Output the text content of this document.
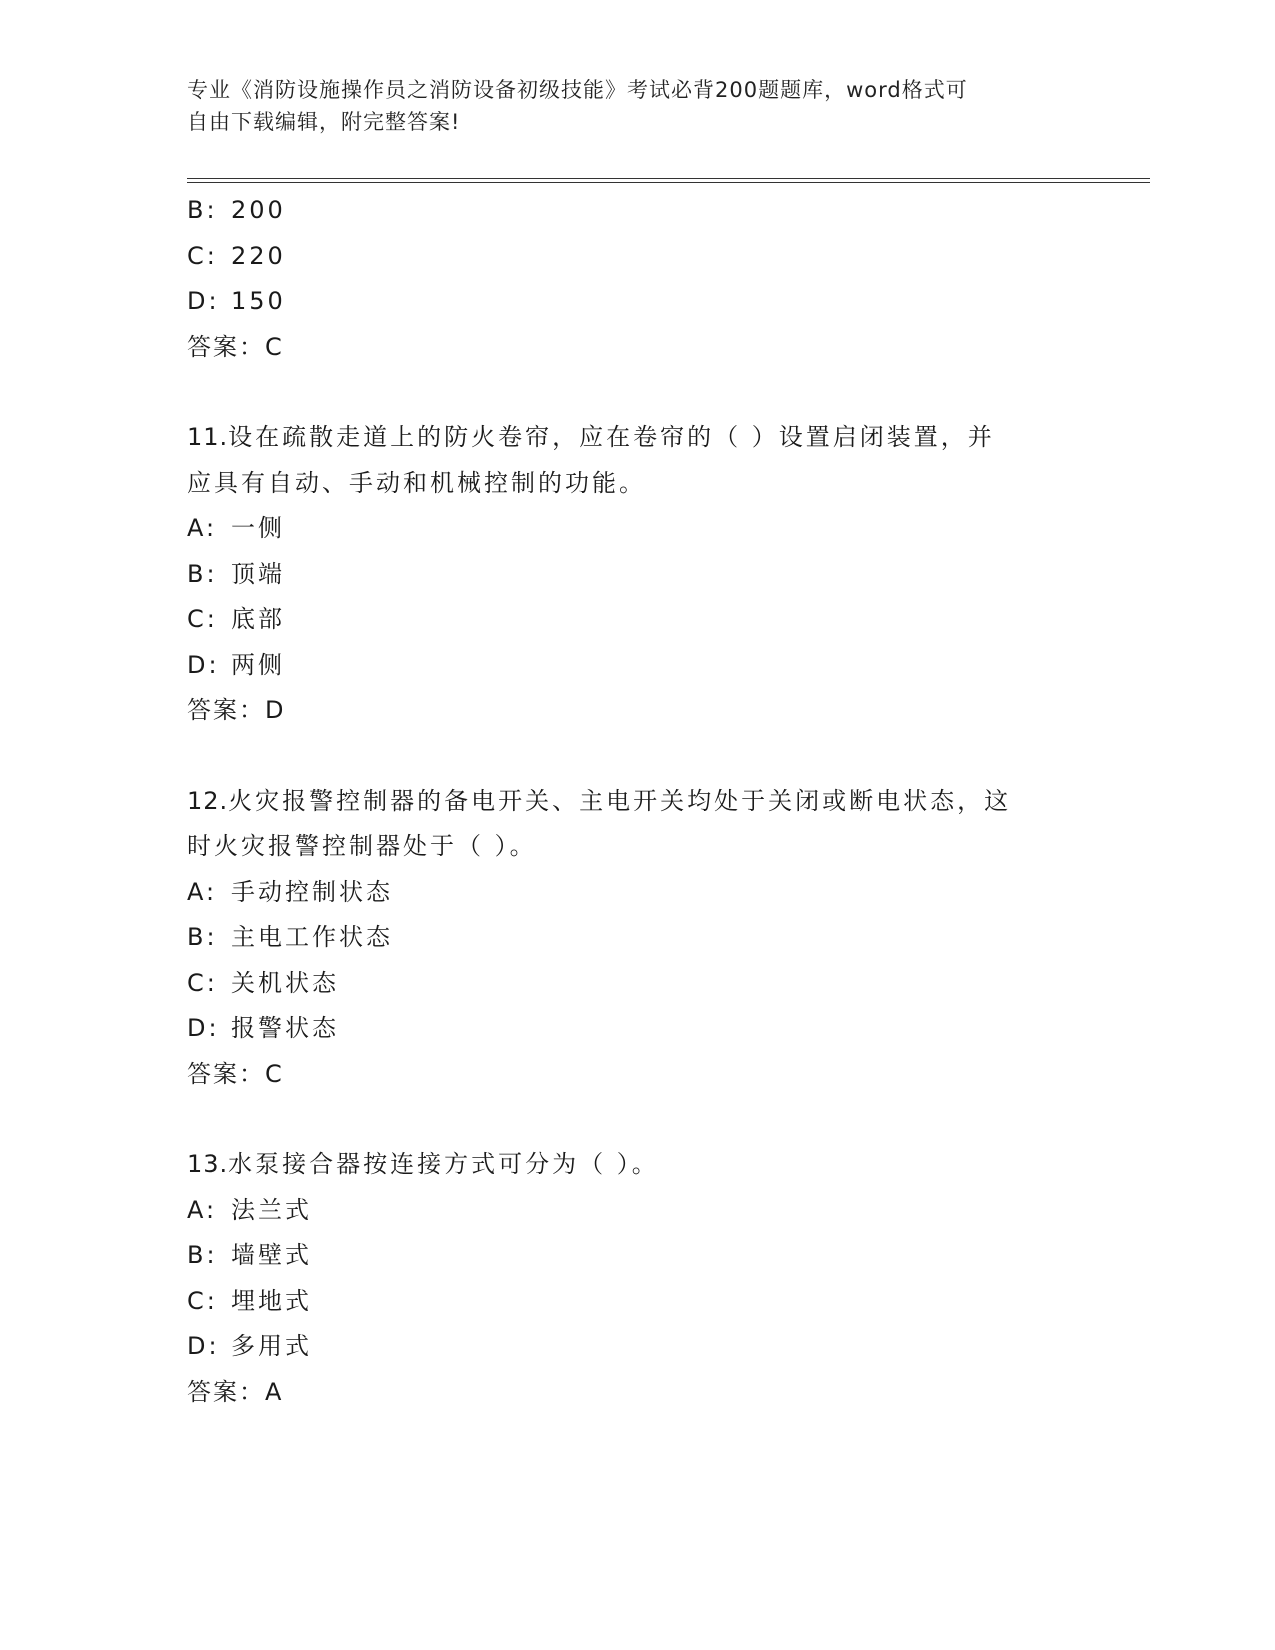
专业《消防设施操作员之消防设备初级技能》考试必背200题题库，word格式可
自由下载编辑，附完整答案!
B: 200
C: 220
D: 150
答案：C
11.设在疏散走道上的防火卷帘，应在卷帘的（ ）设置启闭装置，并
应具有自动、手动和机械控制的功能。
A: 一侧
B: 顶端
C: 底部
D: 两侧
答案：D
12.火灾报警控制器的备电开关、主电开关均处于关闭或断电状态，这
时火灾报警控制器处于（ ）。
A: 手动控制状态
B: 主电工作状态
C: 关机状态
D: 报警状态
答案：C
13.水泵接合器按连接方式可分为（ ）。
A: 法兰式
B: 墙壁式
C: 埋地式
D: 多用式
答案：A
